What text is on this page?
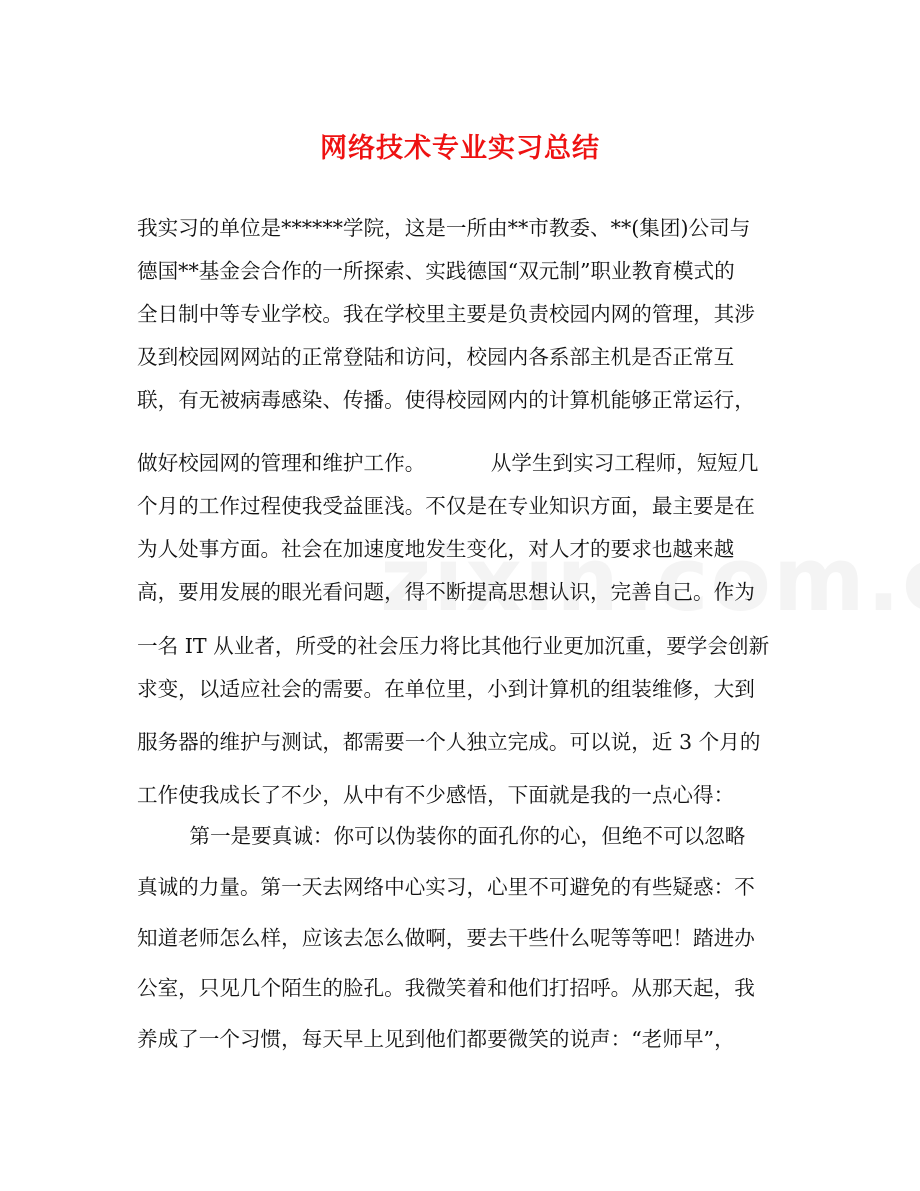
网络技术专业实习总结
我实习的单位是******学院，这是一所由**市教委、**(集团)公司与
德国**基金会合作的一所探索、实践德国“双元制”职业教育模式的
全日制中等专业学校。我在学校里主要是负责校园内网的管理，其涉
及到校园网网站的正常登陆和访问，校园内各系部主机是否正常互
联，有无被病毒感染、传播。使得校园网内的计算机能够正常运行，
做好校园网的管理和维护工作。          从学生到实习工程师，短短几
个月的工作过程使我受益匪浅。不仅是在专业知识方面，最主要是在
为人处事方面。社会在加速度地发生变化，对人才的要求也越来越
高，要用发展的眼光看问题，得不断提高思想认识，完善自己。作为
一名 IT 从业者，所受的社会压力将比其他行业更加沉重，要学会创新
求变，以适应社会的需要。在单位里，小到计算机的组装维修，大到
服务器的维护与测试，都需要一个人独立完成。可以说，近 3 个月的
工作使我成长了不少，从中有不少感悟，下面就是我的一点心得：
第一是要真诚：你可以伪装你的面孔你的心，但绝不可以忽略
真诚的力量。第一天去网络中心实习，心里不可避免的有些疑惑：不
知道老师怎么样，应该去怎么做啊，要去干些什么呢等等吧！踏进办
公室，只见几个陌生的脸孔。我微笑着和他们打招呼。从那天起，我
养成了一个习惯，每天早上见到他们都要微笑的说声：“老师早”，
